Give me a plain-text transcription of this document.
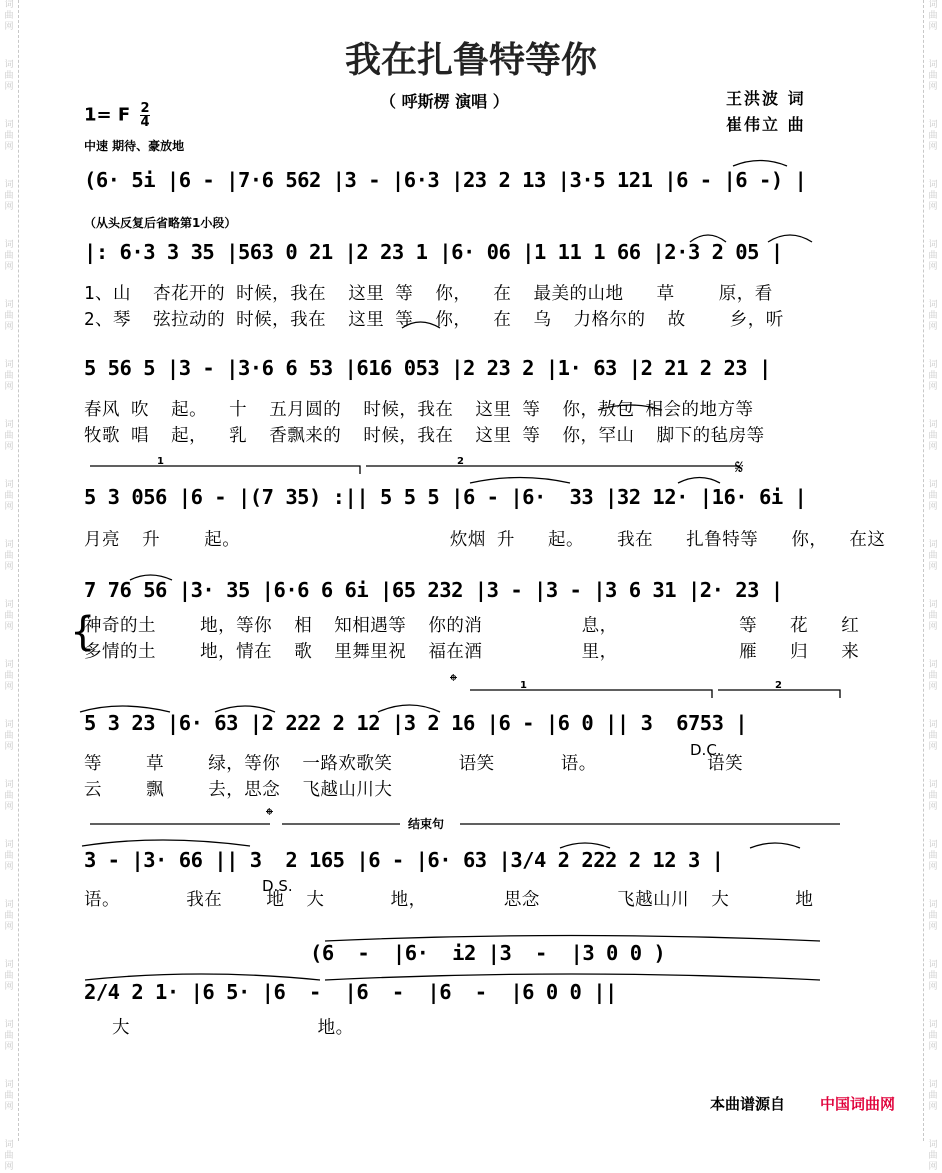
词曲网
词曲网
词曲网
词曲网
词曲网
词曲网
词曲网
词曲网
词曲网
词曲网
词曲网
词曲网
词曲网
词曲网
词曲网
词曲网
词曲网
词曲网
词曲网
词曲网
词曲网
词曲网
词曲网
词曲网
词曲网
词曲网
词曲网
词曲网
词曲网
词曲网
词曲网
词曲网
词曲网
词曲网
词曲网
词曲网
词曲网
词曲网
词曲网
词曲网
我在扎鲁特等你
（ 呼斯楞 演唱 ）	王洪波 词
崔伟立 曲
1= F $\frac{2}{4}$
中速 期待、豪放地
1	2
1	2
𝄋
𝄌
𝄌	结束句
D.C.
D.S.
（从头反复后省略第1小段）
(6· 5i |6 - |7·6 562 |3 - |6·3 |23 2 13 |3·5 121 |6 - |6 -) |
|: 6·3 3 35 |563 0 21 |2 23 1 |6· 06 |1 11 1 66 |2·3 2 05 |
5 56 5 |3 - |3·6 6 53 |616 053 |2 23 2 |1· 63 |2 21 2 23 |
5 3 056 |6 - |(7 35) :|| 5 5 5 |6 - |6·  33 |32 12· |16· 6i |
7 76 56 |3· 35 |6·6 6 6i |65 232 |3 - |3 - |3 6 31 |2· 23 |
5 3 23 |6· 63 |2 222 2 12 |3 2 16 |6 - |6 0 || 3  6753 |
3 - |3· 66 || 3  2 165 |6 - |6· 63 |3/4 2 222 2 12 3 |
(6  -  |6·  i2 |3  -  |3 0 0 )
2/4 2 1· |6 5· |6  -  |6  -  |6  -  |6 0 0 ||
1、山  杏花开的 时候，我在  这里 等  你，  在  最美的山地   草    原，看
2、琴  弦拉动的 时候，我在  这里 等  你，  在  乌  力格尔的  故    乡，听
春风 吹  起。  十  五月圆的  时候，我在  这里 等  你，敖包 相会的地方等
牧歌 唱  起，  乳  香飘来的  时候，我在  这里 等  你，罕山  脚下的毡房等
月亮  升    起。                   炊烟 升   起。   我在   扎鲁特等   你，  在这
{
神奇的土    地，等你  相  知相遇等  你的消         息，           等   花   红
多情的土    地，情在  歌  里舞里祝  福在酒         里，           雁   归   来
等    草    绿，等你  一路欢歌笑      语笑      语。          语笑
云    飘    去，思念  飞越山川大
语。      我在    地  大      地，       思念       飞越山川  大      地
大                 地。
本曲谱源自 中国词曲网
